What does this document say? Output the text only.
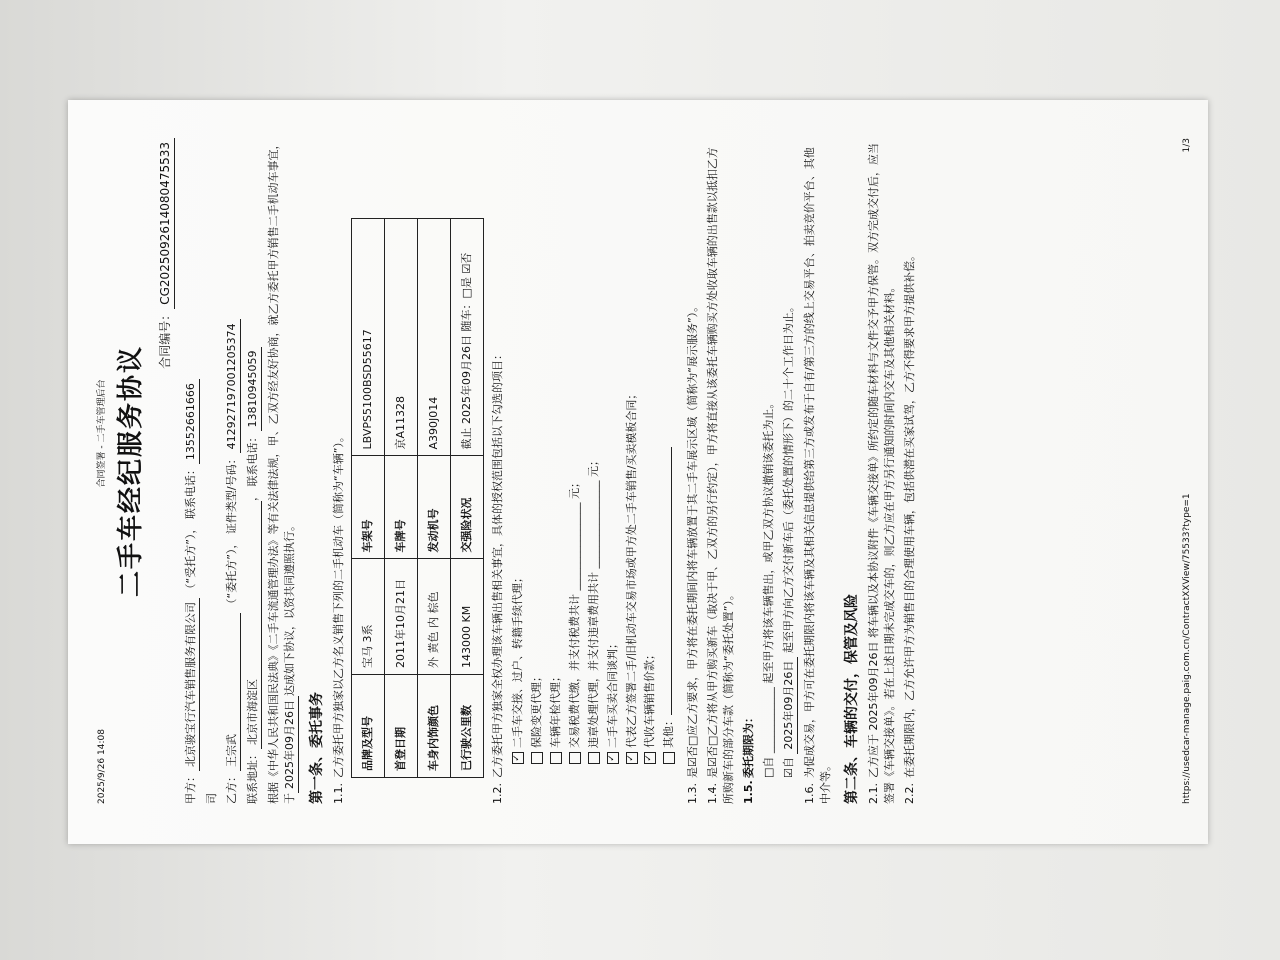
2025/9/26 14:08
合同签署 - 二手车管理后台 二手车经纪服务协议
合同编号：CG2025092614080475533
甲方：北京骏宝行汽车销售服务有限公司 （“受托方”）， 联系电话：13552661666
司 乙方：王宗武 （“委托方”）， 证件类型/号码：412927197001205374
联系地址：北京市海淀区， 联系电话：13810945059 根据《中华人民共和国民法典》《二手车流通管理办法》等有关法律法规，甲、乙双方经友好协商，就乙方委托甲方销售二手机动车事宜，于2025年09月26日达成如下协议，以资共同遵照执行。
第一条、委托事务 1.1.乙方委托甲方独家以乙方名义销售下列的二手机动车（简称为“车辆”）。 品牌及型号	宝马 3系	车架号	LBVPS5100BSD55617
首登日期	2011年10月21日	车牌号	京A11328
车身内饰颜色	外 黄色 内 棕色	发动机号	A390J014
已行驶公里数	143000 KM	交强险状况	截止 2025年09月26日 随车：□是 ☑否
1.2.乙方委托甲方独家全权办理该车辆出售相关事宜，具体的授权范围包括以下勾选的项目： ✓二手车交接、过户、转籍手续代理； 保险变更代理； 车辆年检代理； 交易税费代缴，并支付税费共计 ________________ 元； 违章处理代理，并支付违章费用共计 ________________ 元；
✓二手车买卖合同谈判；
✓代表乙方签署二手/旧机动车交易市场或甲方处二手车销售/买卖模板合同；
✓代收车辆销售价款； 其他：
1.3.是☑否□应乙方要求，甲方将在委托期间内将车辆放置于其二手车展示区域（简称为“展示服务”）。
1.4.是☑否□乙方将从甲方购买新车（取决于甲、乙双方的另行约定），甲方将直接从该委托车辆购买方处收取车辆的出售款以抵扣乙方所购新车的部分车款（简称为“委托处置”）。 1.5.委托期限为： □自 ____________ 起至甲方将该车辆售出，或甲乙双方协议撤销该委托为止。 ☑自 2025年09月26日 起至甲方向乙方交付新车后（委托处置的情形下）的二十个工作日为止。
1.6.为促成交易，甲方可在委托期限内将该车辆及其相关信息提供给第三方或发布于自有/第三方的线上交易平台、拍卖竞价平台、其他中介等。 第二条、车辆的交付，保管及风险 2.1.乙方应于 2025年09月26日 将车辆以及本协议附件《车辆交接单》所约定的随车材料与文件交予甲方保管。双方完成交付后，应当签署《车辆交接单》。若在上述日期未完成交车的，则乙方应在甲方另行通知的时间内交车及其他相关材料。 2.2.在委托期限内，乙方允许甲方为销售目的合理使用车辆，包括供潜在买家试驾，乙方不得要求甲方提供补偿。	https://usedcar-manage.paig.com.cn/ContractXXView/75533?type=1
1/3
